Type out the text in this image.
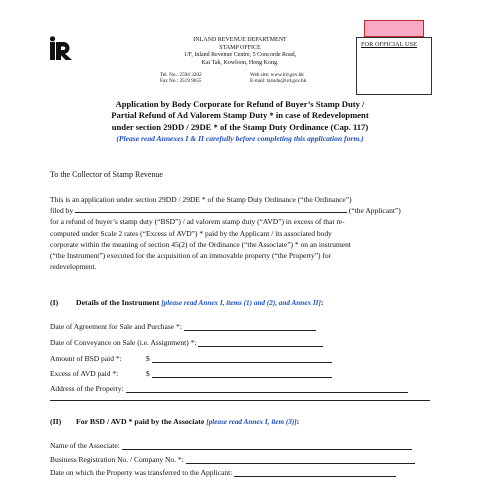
INLAND REVENUE DEPARTMENT
STAMP OFFICE
1/F, Inland Revenue Centre, 5 Concorde Road,
Kai Tak, Kowloon, Hong Kong.
Tel. No.: 2594 3202	Web site: www.ird.gov.hk
Fax No.: 2519 9655	E-mail: taxsdo@ird.gov.hk
FOR OFFICIAL USE
Application by Body Corporate for Refund of Buyer’s Stamp Duty /
Partial Refund of Ad Valorem Stamp Duty * in case of Redevelopment
under section 29DD / 29DE * of the Stamp Duty Ordinance (Cap. 117)
(Please read Annexes I & II carefully before completing this application form.)
To the Collector of Stamp Revenue
This is an application under section 29DD / 29DE * of the Stamp Duty Ordinance (“the Ordinance”)
filed by	(“the Applicant”)
for a refund of buyer’s stamp duty (“BSD”) / ad valorem stamp duty (“AVD”) in excess of that re-
computed under Scale 2 rates (“Excess of AVD”) * paid by the Applicant / its associated body
corporate within the meaning of section 45(2) of the Ordinance (“the Associate”) * on an instrument
(“the Instrument”) executed for the acquisition of an immovable property (“the Property”) for
redevelopment.
(I) Details of the Instrument [please read Annex I, items (1) and (2), and Annex II]:
Date of Agreement for Sale and Purchase *:
Date of Conveyance on Sale (i.e. Assignment) *:
Amount of BSD paid *:	$
Excess of AVD paid *:	$
Address of the Property:
(II) For BSD / AVD * paid by the Associate [please read Annex I, item (3)]:
Name of the Associate:
Business Registration No. / Company No. *:
Date on which the Property was transferred to the Applicant:
